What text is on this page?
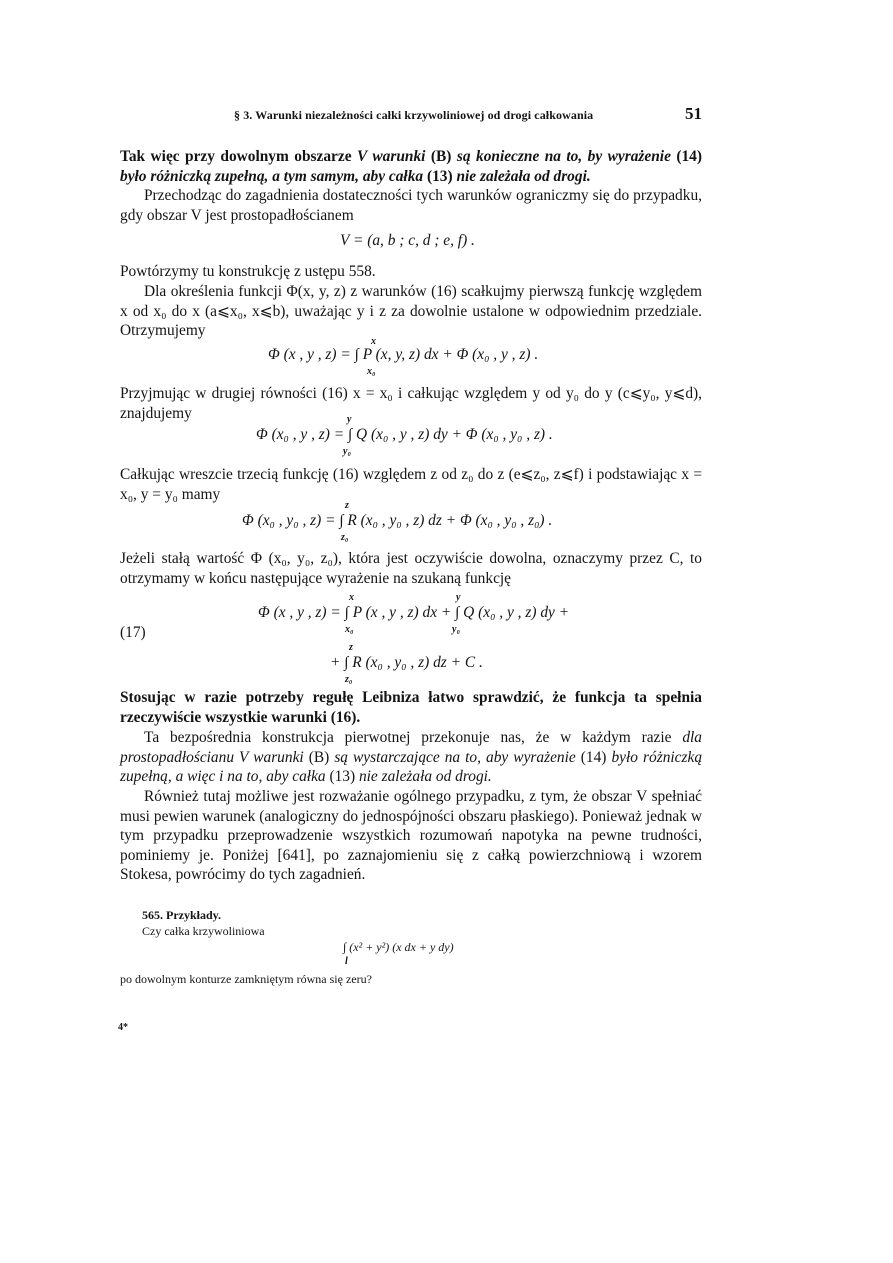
§ 3. Warunki niezależności całki krzywoliniowej od drogi całkowania	51

Tak więc przy dowolnym obszarze V warunki (B) są konieczne na to, by wyrażenie (14) było różniczką zupełną, a tym samym, aby całka (13) nie zależała od drogi.

Przechodząc do zagadnienia dostateczności tych warunków ograniczmy się do przypadku, gdy obszar V jest prostopadłościanem

V = (a, b ; c, d ; e, f) .

Powtórzymy tu konstrukcję z ustępu 558.

Dla określenia funkcji Φ(x, y, z) z warunków (16) scałkujmy pierwszą funkcję względem x od x₀ do x (a⩽x₀, x⩽b), uważając y i z za dowolnie ustalone w odpowiednim przedziale. Otrzymujemy

x
Φ (x , y , z) = ∫ P (x, y, z) dx + Φ (x₀ , y , z) .
x₀

Przyjmując w drugiej równości (16) x = x₀ i całkując względem y od y₀ do y (c⩽y₀, y⩽d), znajdujemy	y
Φ (x₀ , y , z) = ∫ Q (x₀ , y , z) dy + Φ (x₀ , y₀ , z) .
y₀

Całkując wreszcie trzecią funkcję (16) względem z od z₀ do z (e⩽z₀, z⩽f) i podstawiając x = x₀, y = y₀ mamy

z
Φ (x₀ , y₀ , z) = ∫ R (x₀ , y₀ , z) dz + Φ (x₀ , y₀ , z₀) .
z₀

Jeżeli stałą wartość Φ (x₀, y₀, z₀), która jest oczywiście dowolna, oznaczymy przez C, to otrzymamy w końcu następujące wyrażenie na szukaną funkcję

x	y
Φ (x , y , z) = ∫ P (x , y , z) dx + ∫ Q (x₀ , y , z) dy +
x₀	y₀
(17)
z
+ ∫ R (x₀ , y₀ , z) dz + C .
z₀

Stosując w razie potrzeby regułę Leibniza łatwo sprawdzić, że funkcja ta spełnia rzeczywiście wszystkie warunki (16).

Ta bezpośrednia konstrukcja pierwotnej przekonuje nas, że w każdym razie dla prostopadłościanu V warunki (B) są wystarczające na to, aby wyrażenie (14) było różniczką zupełną, a więc i na to, aby całka (13) nie zależała od drogi.

Również tutaj możliwe jest rozważanie ogólnego przypadku, z tym, że obszar V spełniać musi pewien warunek (analogiczny do jednospójności obszaru płaskiego). Ponieważ jednak w tym przypadku przeprowadzenie wszystkich rozumowań napotyka na pewne trudności, pominiemy je. Poniżej [641], po zaznajomieniu się z całką powierzchniową i wzorem Stokesa, powrócimy do tych zagadnień.

565. Przykłady.
Czy całka krzywoliniowa
∫ (x² + y²) (x dx + y dy)
l
po dowolnym konturze zamkniętym równa się zeru?
4*
